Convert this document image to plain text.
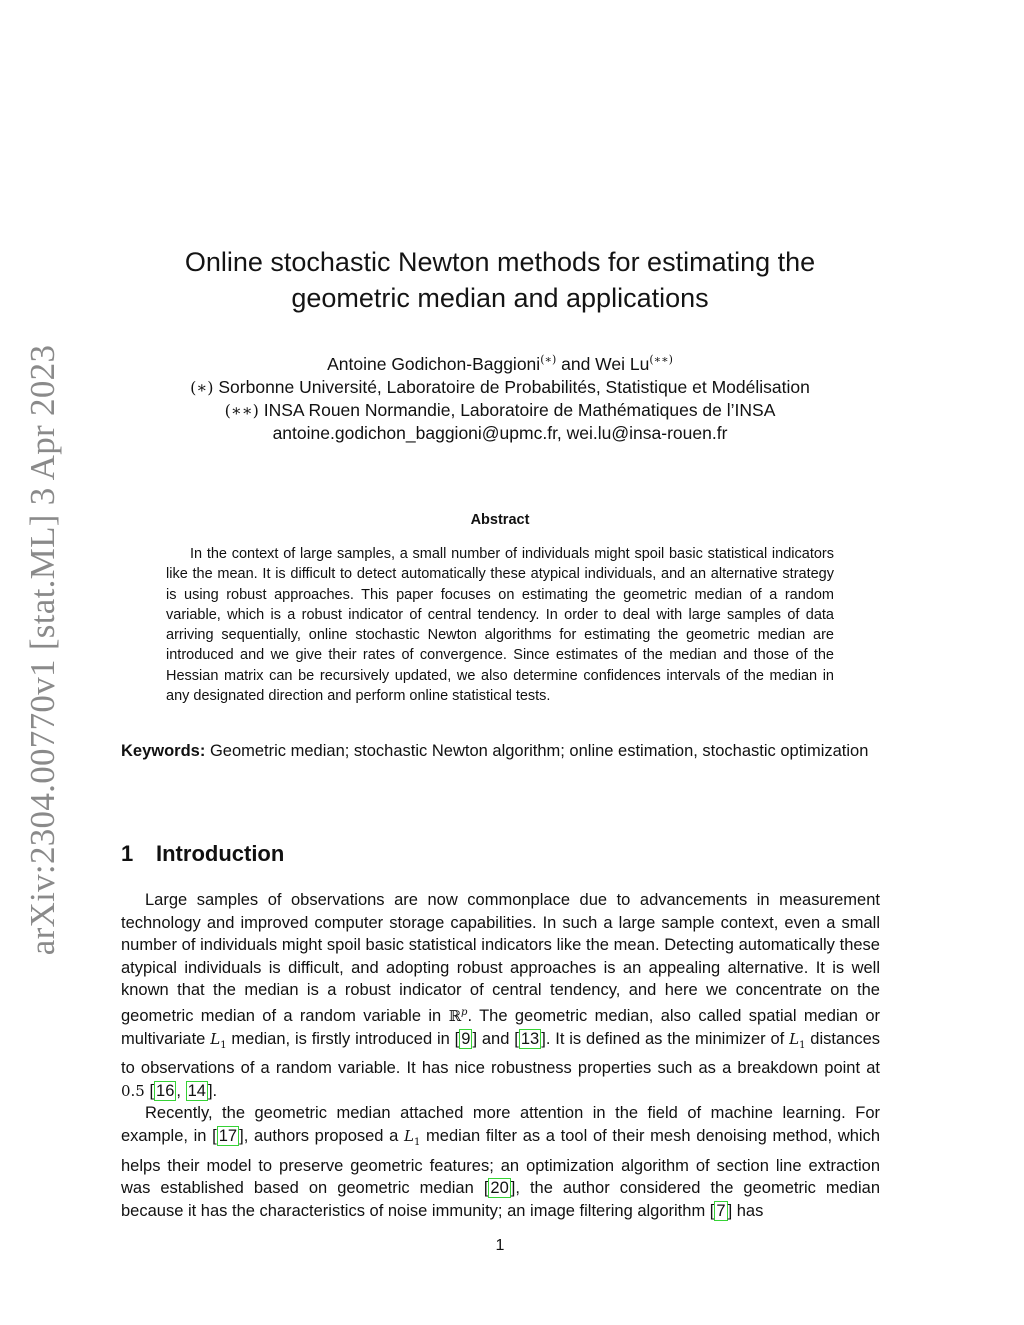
arXiv:2304.00770v1 [stat.ML] 3 Apr 2023
Online stochastic Newton methods for estimating the
geometric median and applications
Antoine Godichon-Baggioni(∗) and Wei Lu(∗∗)
(∗) Sorbonne Université, Laboratoire de Probabilités, Statistique et Modélisation
(∗∗) INSA Rouen Normandie, Laboratoire de Mathématiques de l’INSA
antoine.godichon_baggioni@upmc.fr, wei.lu@insa-rouen.fr
Abstract

In the context of large samples, a small number of individuals might spoil basic statistical indicators like the mean. It is difficult to detect automatically these atypical individuals, and an alternative strategy is using robust approaches. This paper focuses on estimating the geometric median of a random variable, which is a robust indicator of central tendency. In order to deal with large samples of data arriving sequentially, online stochastic Newton algorithms for estimating the geometric median are introduced and we give their rates of convergence. Since estimates of the median and those of the Hessian matrix can be recursively updated, we also determine confidences intervals of the median in any designated direction and perform online statistical tests.

Keywords: Geometric median; stochastic Newton algorithm; online estimation, stochastic optimization
1 Introduction

Large samples of observations are now commonplace due to advancements in measurement technology and improved computer storage capabilities. In such a large sample context, even a small number of individuals might spoil basic statistical indicators like the mean. Detecting automatically these atypical individuals is difficult, and adopting robust approaches is an appealing alternative. It is well known that the median is a robust indicator of central tendency, and here we concentrate on the geometric median of a random variable in ℝ$^p$. The geometric median, also called spatial median or multivariate $L_1$ median, is firstly introduced in [ 9 ] and [ 13 ]. It is defined as the minimizer of $L_1$ distances to observations of a random variable. It has nice robustness properties such as a breakdown point at 0.5 [ 16 , 14 ].

Recently, the geometric median attached more attention in the field of machine learning. For example, in [ 17 ], authors proposed a $L_1$ median filter as a tool of their mesh denoising method, which helps their model to preserve geometric features; an optimization algorithm of section line extraction was established based on geometric median [ 20 ], the author considered the geometric median because it has the characteristics of noise immunity; an image filtering algorithm [ 7 ] has

1
